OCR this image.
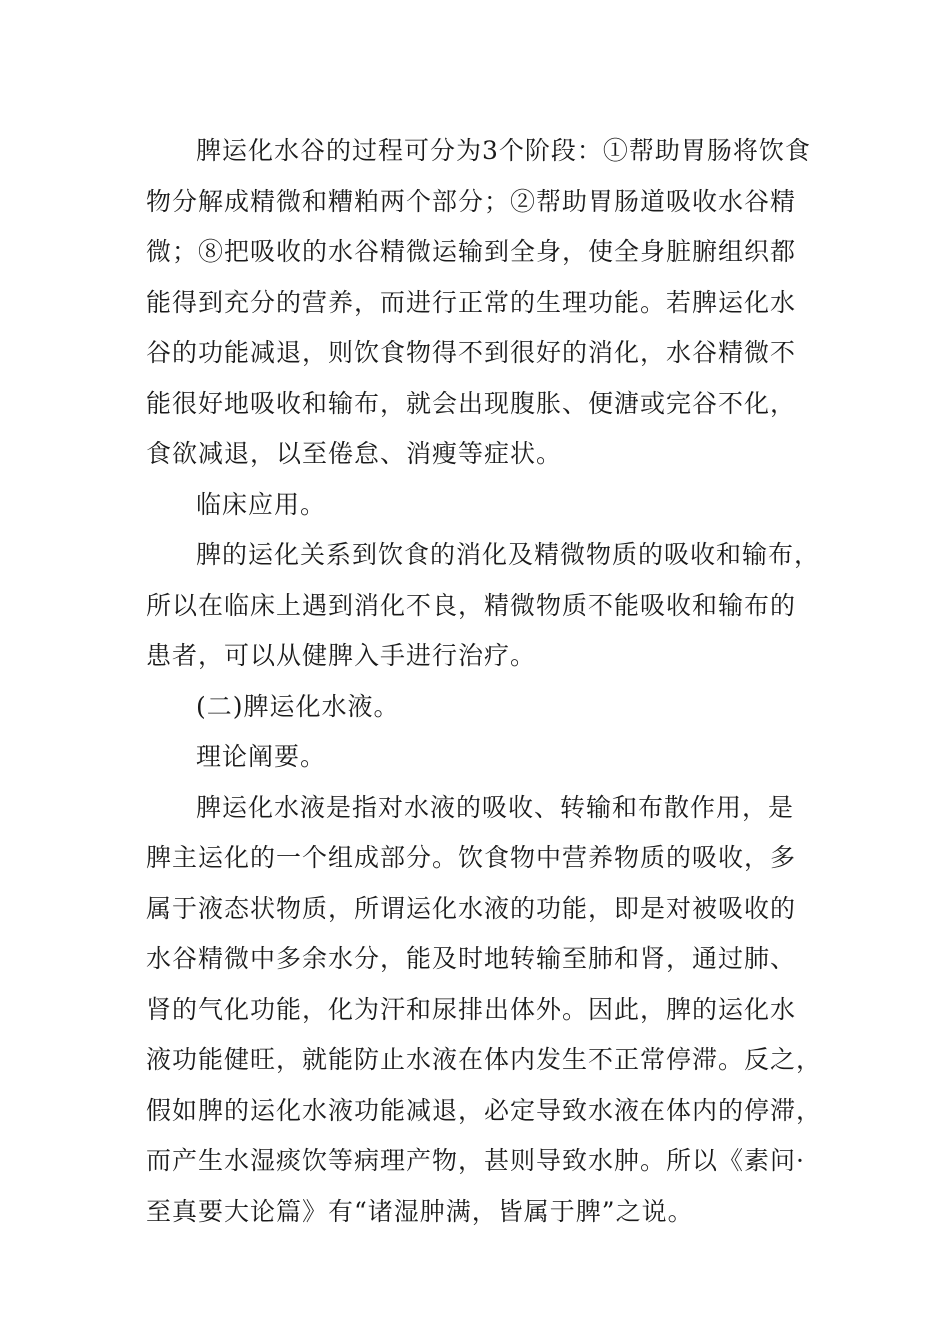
脾运化水谷的过程可分为3个阶段：①帮助胃肠将饮食
物分解成精微和糟粕两个部分；②帮助胃肠道吸收水谷精
微；⑧把吸收的水谷精微运输到全身，使全身脏腑组织都
能得到充分的营养，而进行正常的生理功能。若脾运化水
谷的功能减退，则饮食物得不到很好的消化，水谷精微不
能很好地吸收和输布，就会出现腹胀、便溏或完谷不化，
食欲减退，以至倦怠、消瘦等症状。
临床应用。
脾的运化关系到饮食的消化及精微物质的吸收和输布，
所以在临床上遇到消化不良，精微物质不能吸收和输布的
患者，可以从健脾入手进行治疗。
(二)脾运化水液。
理论阐要。
脾运化水液是指对水液的吸收、转输和布散作用，是
脾主运化的一个组成部分。饮食物中营养物质的吸收，多
属于液态状物质，所谓运化水液的功能，即是对被吸收的
水谷精微中多余水分，能及时地转输至肺和肾，通过肺、
肾的气化功能，化为汗和尿排出体外。因此，脾的运化水
液功能健旺，就能防止水液在体内发生不正常停滞。反之，
假如脾的运化水液功能减退，必定导致水液在体内的停滞，
而产生水湿痰饮等病理产物，甚则导致水肿。所以《素问·
至真要大论篇》有“诸湿肿满，皆属于脾”之说。
